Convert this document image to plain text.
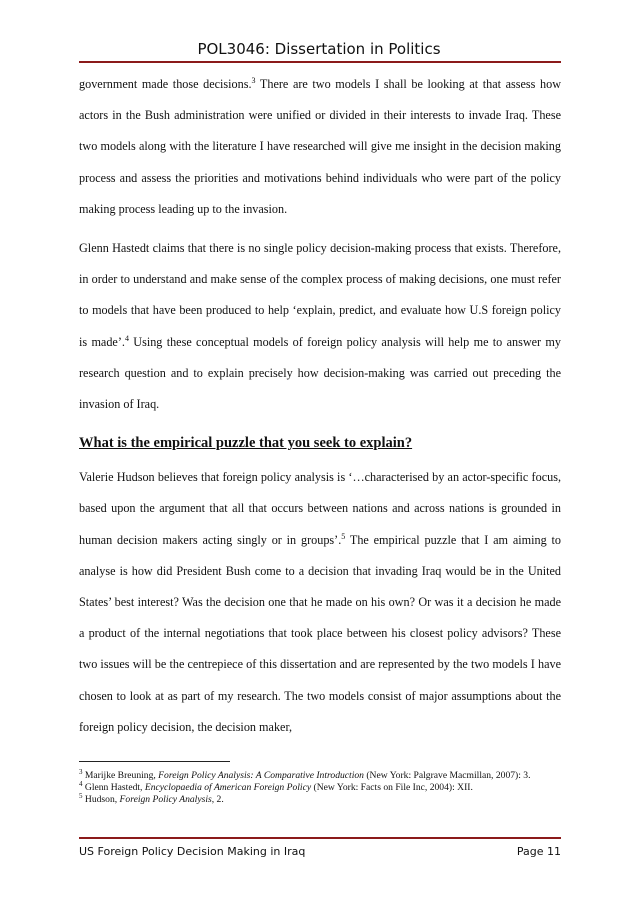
POL3046: Dissertation in Politics

government made those decisions.$^3$ There are two models I shall be looking at that assess how actors in the Bush administration were unified or divided in their interests to invade Iraq. These two models along with the literature I have researched will give me insight in the decision making process and assess the priorities and motivations behind individuals who were part of the policy making process leading up to the invasion.

Glenn Hastedt claims that there is no single policy decision-making process that exists. Therefore, in order to understand and make sense of the complex process of making decisions, one must refer to models that have been produced to help ‘explain, predict, and evaluate how U.S foreign policy is made’.$^4$ Using these conceptual models of foreign policy analysis will help me to answer my research question and to explain precisely how decision-making was carried out preceding the invasion of Iraq.

What is the empirical puzzle that you seek to explain?

Valerie Hudson believes that foreign policy analysis is ‘…characterised by an actor-specific focus, based upon the argument that all that occurs between nations and across nations is grounded in human decision makers acting singly or in groups’.$^5$ The empirical puzzle that I am aiming to analyse is how did President Bush come to a decision that invading Iraq would be in the United States’ best interest? Was the decision one that he made on his own? Or was it a decision he made a product of the internal negotiations that took place between his closest policy advisors? These two issues will be the centrepiece of this dissertation and are represented by the two models I have chosen to look at as part of my research. The two models consist of major assumptions about the foreign policy decision, the decision maker,

$^3$ Marijke Breuning, Foreign Policy Analysis: A Comparative Introduction (New York: Palgrave Macmillan, 2007): 3.

$^4$ Glenn Hastedt, Encyclopaedia of American Foreign Policy (New York: Facts on File Inc, 2004): XII.

$^5$ Hudson, Foreign Policy Analysis, 2.

US Foreign Policy Decision Making in Iraq	Page 11
